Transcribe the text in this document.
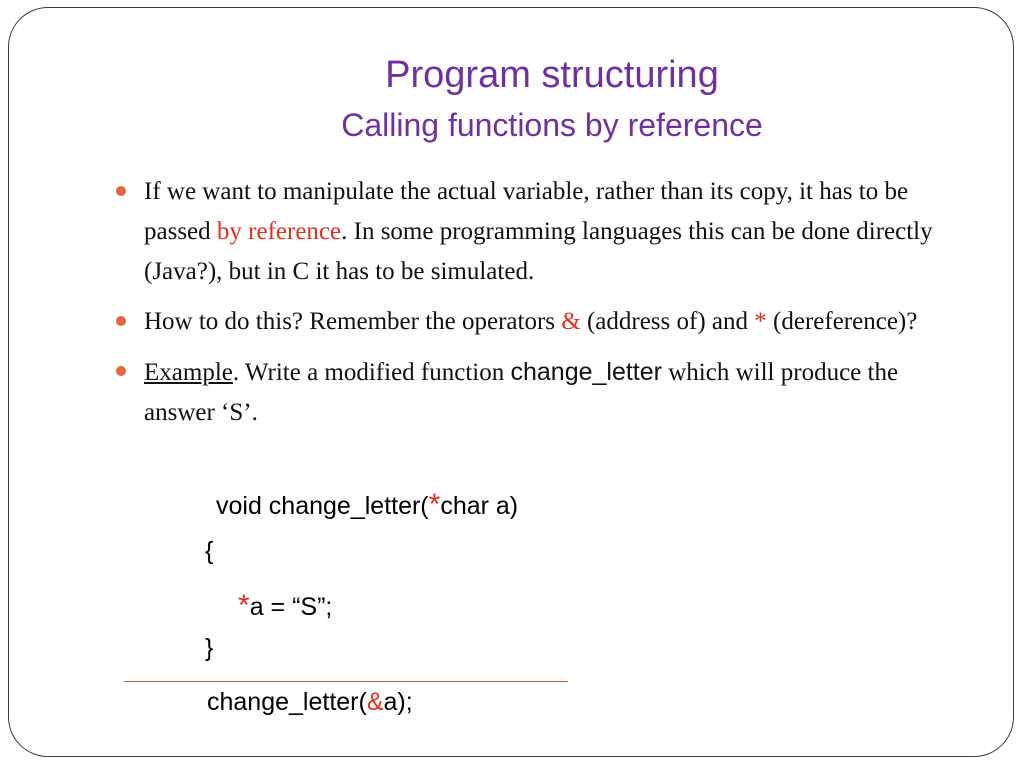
Program structuring
Calling functions by reference
If we want to manipulate the actual variable, rather than its copy, it has to be passed by reference. In some programming languages this can be done directly (Java?), but in C it has to be simulated.
How to do this? Remember the operators & (address of) and * (dereference)?
Example. Write a modified function change_letter which will produce the answer ‘S’.
void change_letter(*char a)
{
*a = “S”;
}
change_letter(&a);
